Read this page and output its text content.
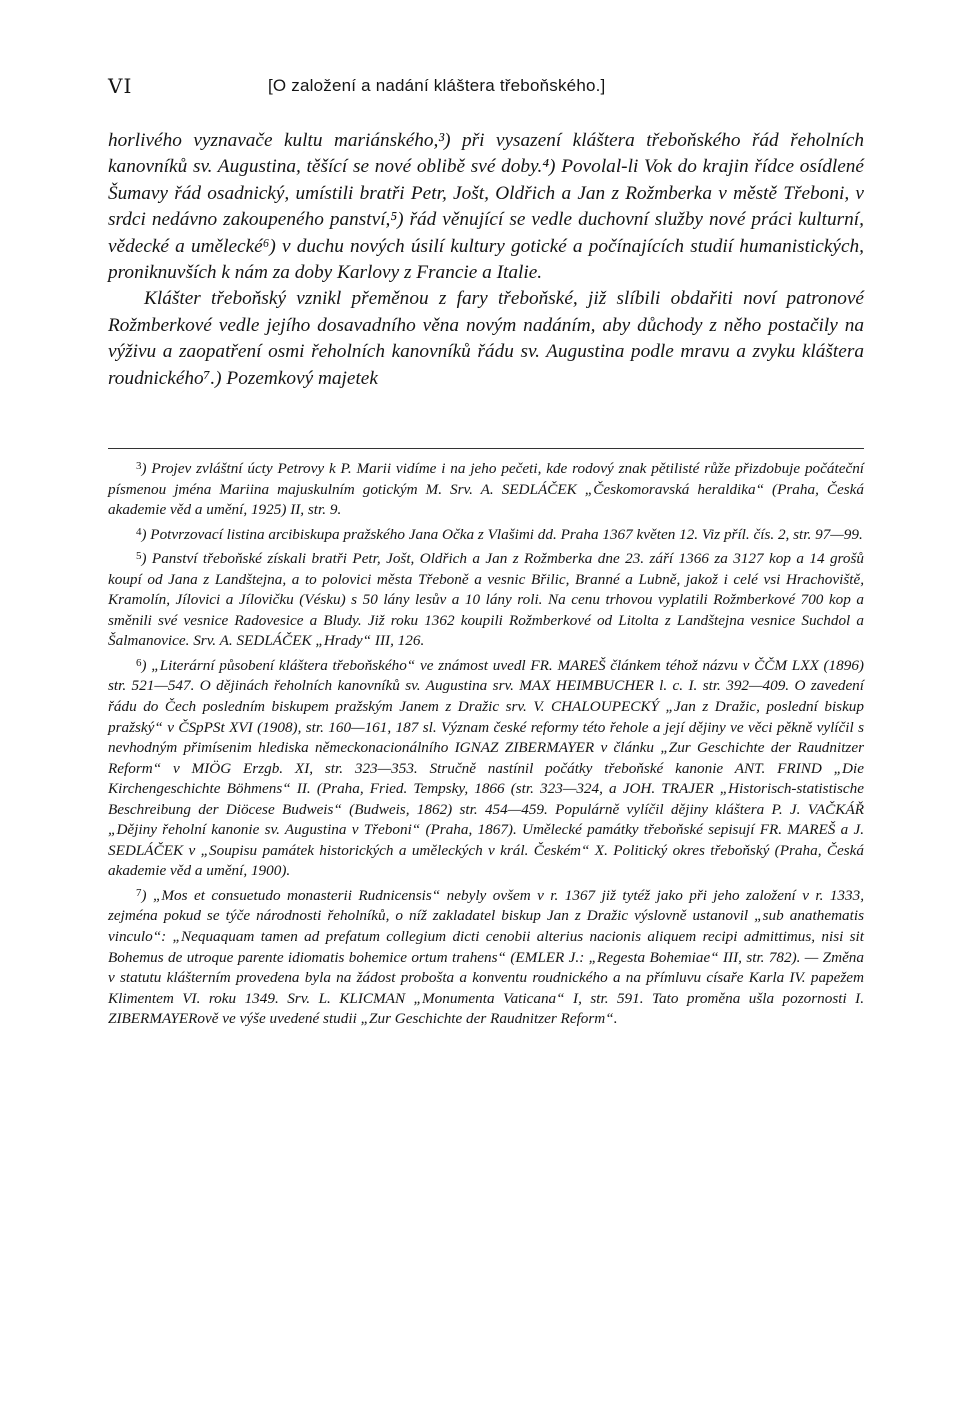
VI	[O založení a nadání kláštera třeboňského.]

horlivého vyznavače kultu mariánského,³) při vysazení kláštera třeboňského řád řeholních kanovníků sv. Augustina, těšící se nové oblibě své doby.⁴) Povolal-li Vok do krajin řídce osídlené Šumavy řád osadnický, umístili bratři Petr, Jošt, Oldřich a Jan z Rožmberka v městě Třeboni, v srdci nedávno zakoupeného panství,⁵) řád věnující se vedle duchovní služby nové práci kulturní, vědecké a umělecké⁶) v duchu nových úsilí kultury gotické a počínajících studií humanistických, proniknuvších k nám za doby Karlovy z Francie a Italie.

Klášter třeboňský vznikl přeměnou z fary třeboňské, již slíbili obdařiti noví patronové Rožmberkové vedle jejího dosavadního věna novým nadáním, aby důchody z něho postačily na výživu a zaopatření osmi řeholních kanovníků řádu sv. Augustina podle mravu a zvyku kláštera roudnického⁷.) Pozemkový majetek

$^3$ ) Projev zvláštní úcty Petrovy k P. Marii vidíme i na jeho pečeti, kde rodový znak pětilisté růže přizdobuje počáteční písmenou jména Mariina majuskulním gotickým M. Srv. A. SEDLÁČEK „Českomoravská heraldika“ (Praha, Česká akademie věd a umění, 1925) II, str. 9.

$^4$ ) Potvrzovací listina arcibiskupa pražského Jana Očka z Vlašimi dd. Praha 1367 květen 12. Viz příl. čís. 2, str. 97—99.

$^5$ ) Panství třeboňské získali bratři Petr, Jošt, Oldřich a Jan z Rožmberka dne 23. září 1366 za 3127 kop a 14 grošů koupí od Jana z Landštejna, a to polovici města Třeboně a vesnic Břilic, Branné a Lubně, jakož i celé vsi Hrachoviště, Kramolín, Jílovici a Jílovičku (Vésku) s 50 lány lesův a 10 lány roli. Na cenu trhovou vyplatili Rožmberkové 700 kop a směnili své vesnice Radovesice a Bludy. Již roku 1362 koupili Rožmberkové od Litolta z Landštejna vesnice Suchdol a Šalmanovice. Srv. A. SEDLÁČEK „Hrady“ III, 126.

$^6$ ) „Literární působení kláštera třeboňského“ ve známost uvedl FR. MAREŠ článkem téhož názvu v ČČM LXX (1896) str. 521—547. O dějinách řeholních kanovníků sv. Augustina srv. MAX HEIMBUCHER l. c. I. str. 392—409. O zavedení řádu do Čech posledním biskupem pražským Janem z Dražic srv. V. CHALOUPECKÝ „Jan z Dražic, poslední biskup pražský“ v ČSpPSt XVI (1908), str. 160—161, 187 sl. Význam české reformy této řehole a její dějiny ve věci pěkně vylíčil s nevhodným přimísenim hlediska německonacionálního IGNAZ ZIBERMAYER v článku „Zur Geschichte der Raudnitzer Reform“ v MIÖG Erzgb. XI, str. 323—353. Stručně nastínil počátky třeboňské kanonie ANT. FRIND „Die Kirchengeschichte Böhmens“ II. (Praha, Fried. Tempsky, 1866 (str. 323—324, a JOH. TRAJER „Historisch-statistische Beschreibung der Diöcese Budweis“ (Budweis, 1862) str. 454—459. Populárně vylíčil dějiny kláštera P. J. VAČKÁŘ „Dějiny řeholní kanonie sv. Augustina v Třeboni“ (Praha, 1867). Umělecké památky třeboňské sepisují FR. MAREŠ a J. SEDLÁČEK v „Soupisu památek historických a uměleckých v král. Českém“ X. Politický okres třeboňský (Praha, Česká akademie věd a umění, 1900).

$^7$ ) „Mos et consuetudo monasterii Rudnicensis“ nebyly ovšem v r. 1367 již tytéž jako při jeho založení v r. 1333, zejména pokud se týče národnosti řeholníků, o níž zakladatel biskup Jan z Dražic výslovně ustanovil „sub anathematis vinculo“: „Nequaquam tamen ad prefatum collegium dicti cenobii alterius nacionis aliquem recipi admittimus, nisi sit Bohemus de utroque parente idiomatis bohemice ortum trahens“ (EMLER J.: „Regesta Bohemiae“ III, str. 782). — Změna v statutu klášterním provedena byla na žádost probošta a konventu roudnického a na přímluvu císaře Karla IV. papežem Klimentem VI. roku 1349. Srv. L. KLICMAN „Monumenta Vaticana“ I, str. 591. Tato proměna ušla pozornosti I. ZIBERMAYERově ve výše uvedené studii „Zur Geschichte der Raudnitzer Reform“.
